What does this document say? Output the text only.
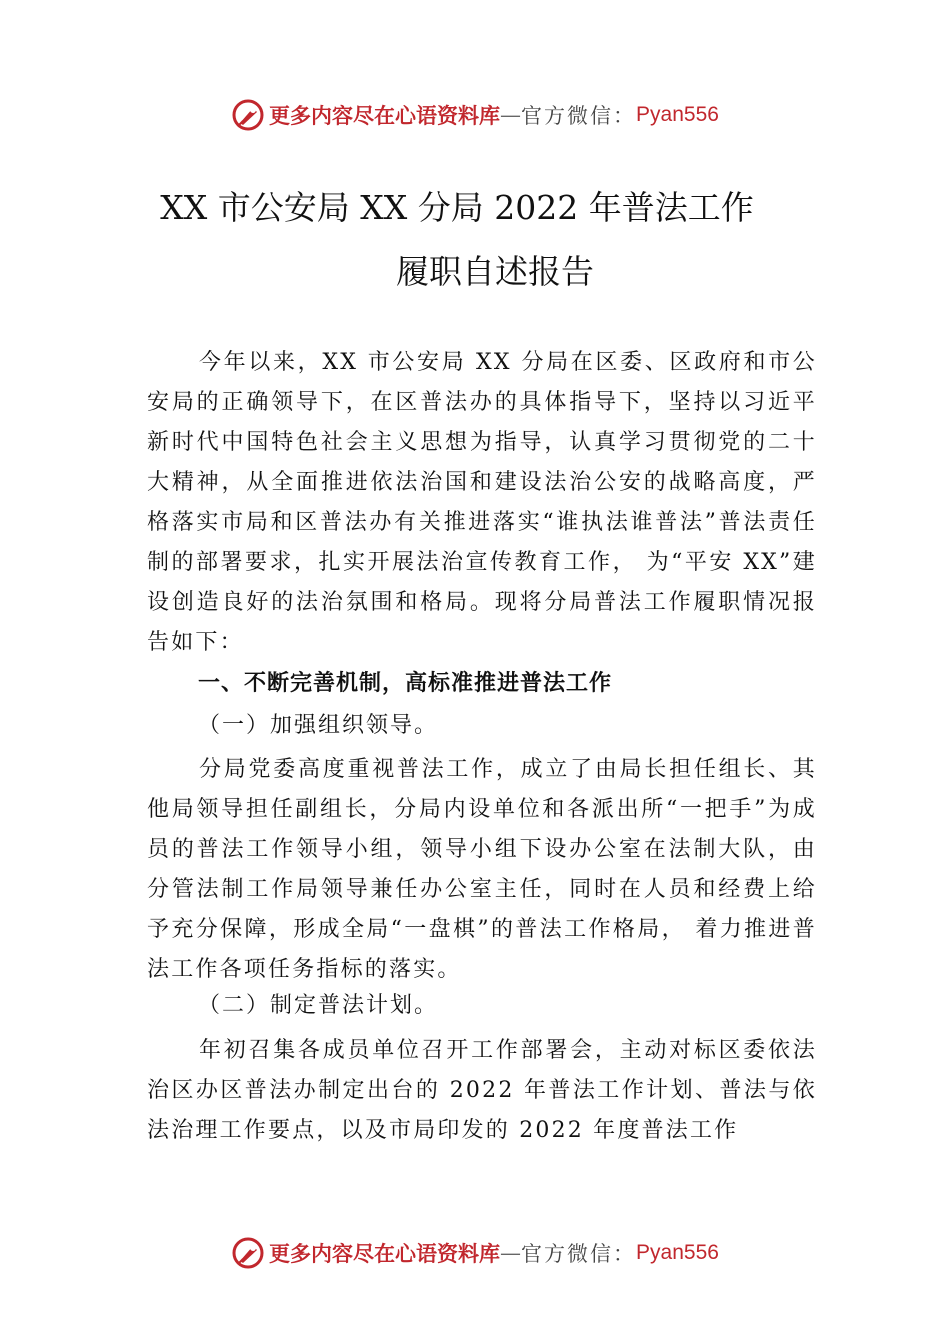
更多内容尽在心语资料库 — 官方微信： Pyan556
XX 市公安局 XX 分局 2022 年普法工作
履职自述报告

今年以来，XX 市公安局 XX 分局在区委、区政府和市公安局的正确领导下，在区普法办的具体指导下，坚持以习近平新时代中国特色社会主义思想为指导，认真学习贯彻党的二十大精神，从全面推进依法治国和建设法治公安的战略高度，严格落实市局和区普法办有关推进落实“谁执法谁普法”普法责任制的部署要求，扎实开展法治宣传教育工作， 为“平安 XX”建设创造良好的法治氛围和格局。现将分局普法工作履职情况报告如下：

一、不断完善机制，高标准推进普法工作
（一）加强组织领导。

分局党委高度重视普法工作，成立了由局长担任组长、其他局领导担任副组长，分局内设单位和各派出所“一把手”为成员的普法工作领导小组，领导小组下设办公室在法制大队，由分管法制工作局领导兼任办公室主任，同时在人员和经费上给予充分保障，形成全局“一盘棋”的普法工作格局， 着力推进普法工作各项任务指标的落实。

（二）制定普法计划。

年初召集各成员单位召开工作部署会，主动对标区委依法治区办区普法办制定出台的 2022 年普法工作计划、普法与依法治理工作要点，以及市局印发的 2022 年度普法工作

更多内容尽在心语资料库 — 官方微信： Pyan556
